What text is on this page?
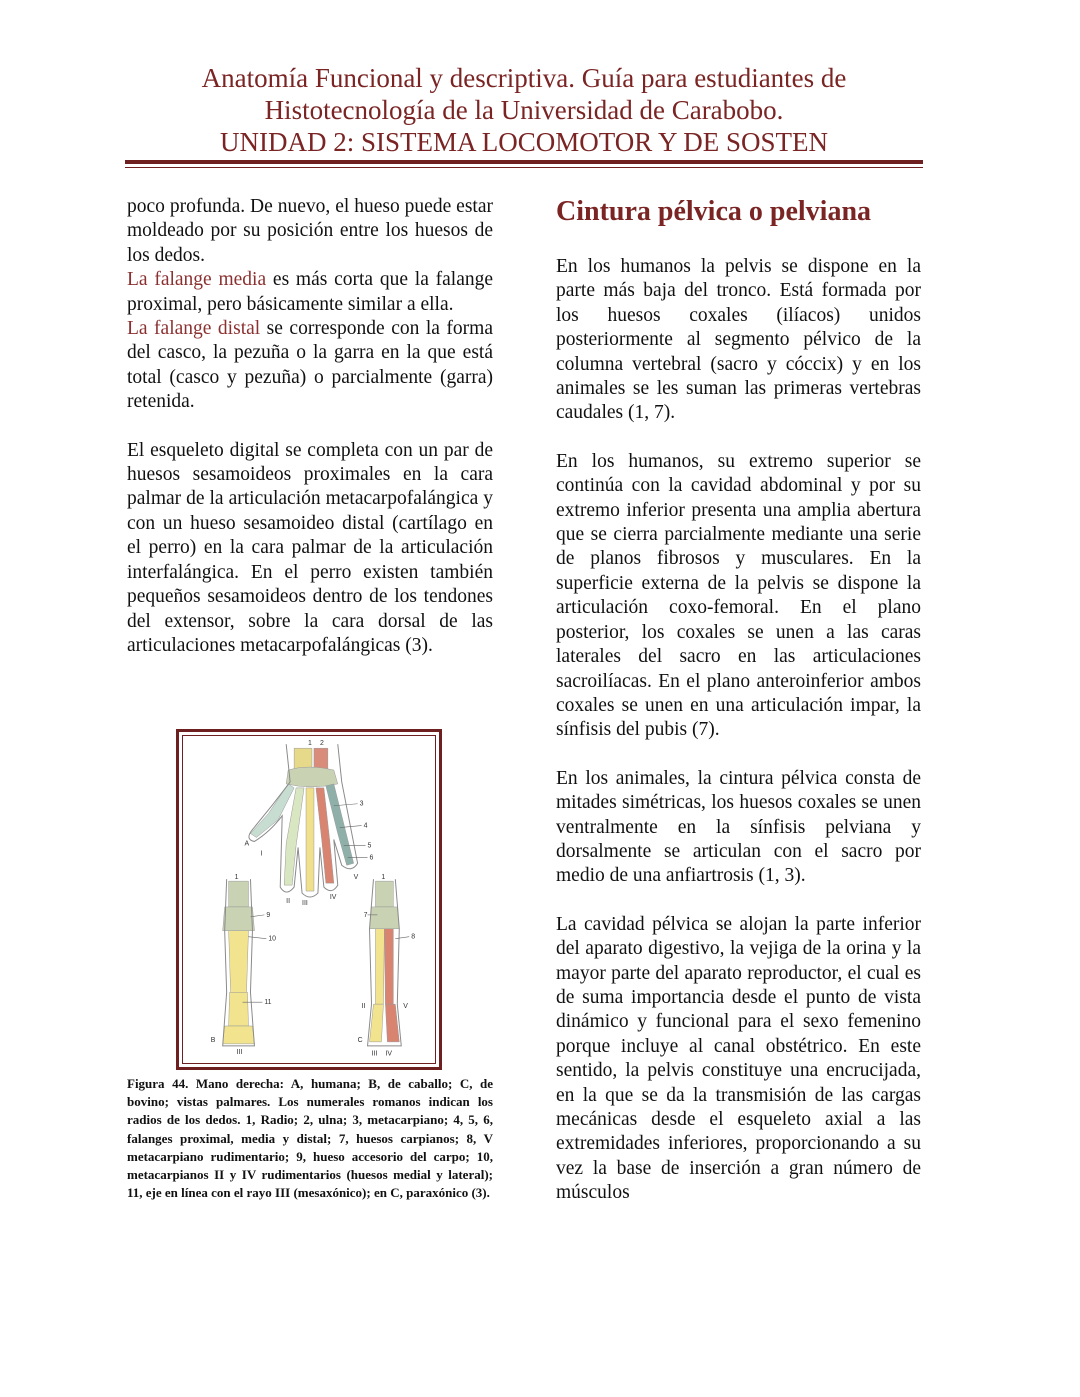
Anatomía Funcional y descriptiva. Guía para estudiantes de
Histotecnología de la Universidad de Carabobo.
UNIDAD 2: SISTEMA LOCOMOTOR Y DE SOSTEN

poco profunda. De nuevo, el hueso puede estar moldeado por su posición entre los huesos de los dedos.

La falange media es más corta que la falange proximal, pero básicamente similar a ella.

La falange distal se corresponde con la forma del casco, la pezuña o la garra en la que está total (casco y pezuña) o parcialmente (garra) retenida.

El esqueleto digital se completa con un par de huesos sesamoideos proximales en la cara palmar de la articulación metacarpofalángica y con un hueso sesamoideo distal (cartílago en el perro) en la cara palmar de la articulación interfalángica. En el perro existen también pequeños sesamoideos dentro de los tendones del extensor, sobre la cara dorsal de las articulaciones metacarpofalángicas (3).

1 2
3
4
5
6
A
I
II III
IV
V
1
9
10
11
B
III
1
7
8
II	V
C
III IV
Figura 44. Mano derecha: A, humana; B, de caballo; C, de bovino; vistas palmares. Los numerales romanos indican los radios de los dedos. 1, Radio; 2, ulna; 3, metacarpiano; 4, 5, 6, falanges proximal, media y distal; 7, huesos carpianos; 8, V metacarpiano rudimentario; 9, hueso accesorio del carpo; 10, metacarpianos II y IV rudimentarios (huesos medial y lateral); 11, eje en línea con el rayo III (mesaxónico); en C, paraxónico (3).

Cintura pélvica o pelviana

En los humanos la pelvis se dispone en la parte más baja del tronco. Está formada por los huesos coxales (ilíacos) unidos posteriormente al segmento pélvico de la columna vertebral (sacro y cóccix) y en los animales se les suman las primeras vertebras caudales (1, 7).

En los humanos, su extremo superior se continúa con la cavidad abdominal y por su extremo inferior presenta una amplia abertura que se cierra parcialmente mediante una serie de planos fibrosos y musculares. En la superficie externa de la pelvis se dispone la articulación coxo-femoral. En el plano posterior, los coxales se unen a las caras laterales del sacro en las articulaciones sacroilíacas. En el plano anteroinferior ambos coxales se unen en una articulación impar, la sínfisis del pubis (7).

En los animales, la cintura pélvica consta de mitades simétricas, los huesos coxales se unen ventralmente en la sínfisis pelviana y dorsalmente se articulan con el sacro por medio de una anfiartrosis (1, 3).

La cavidad pélvica se alojan la parte inferior del aparato digestivo, la vejiga de la orina y la mayor parte del aparato reproductor, el cual es de suma importancia desde el punto de vista dinámico y funcional para el sexo femenino porque incluye al canal obstétrico. En este sentido, la pelvis constituye una encrucijada, en la que se da la transmisión de las cargas mecánicas desde el esqueleto axial a las extremidades inferiores, proporcionando a su vez la base de inserción a gran número de músculos
